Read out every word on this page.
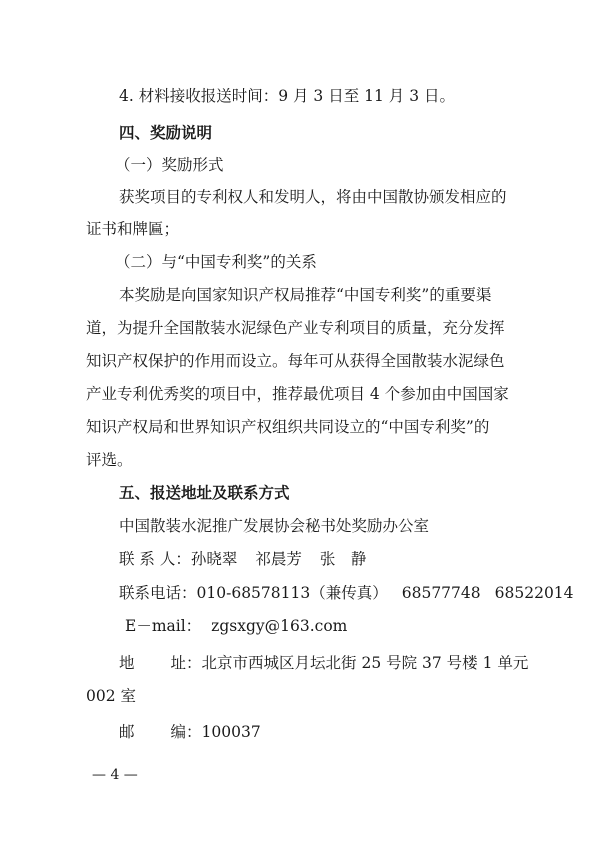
4. 材料接收报送时间：9 月 3 日至 11 月 3 日。
四、奖励说明
（一）奖励形式
获奖项目的专利权人和发明人，将由中国散协颁发相应的
证书和牌匾；
（二）与“中国专利奖”的关系
本奖励是向国家知识产权局推荐“中国专利奖”的重要渠
道，为提升全国散装水泥绿色产业专利项目的质量，充分发挥
知识产权保护的作用而设立。每年可从获得全国散装水泥绿色
产业专利优秀奖的项目中，推荐最优项目 4 个参加由中国国家
知识产权局和世界知识产权组织共同设立的“中国专利奖”的
评选。
五、报送地址及联系方式
中国散装水泥推广发展协会秘书处奖励办公室
联 系 人：孙晓翠 祁晨芳 张　静
联系电话：010-68578113（兼传真） 68577748 68522014
E－mail： zgsxgy@163.com
地 址：北京市西城区月坛北街 25 号院 37 号楼 1 单元
002 室
邮 编：100037
— 4 —
